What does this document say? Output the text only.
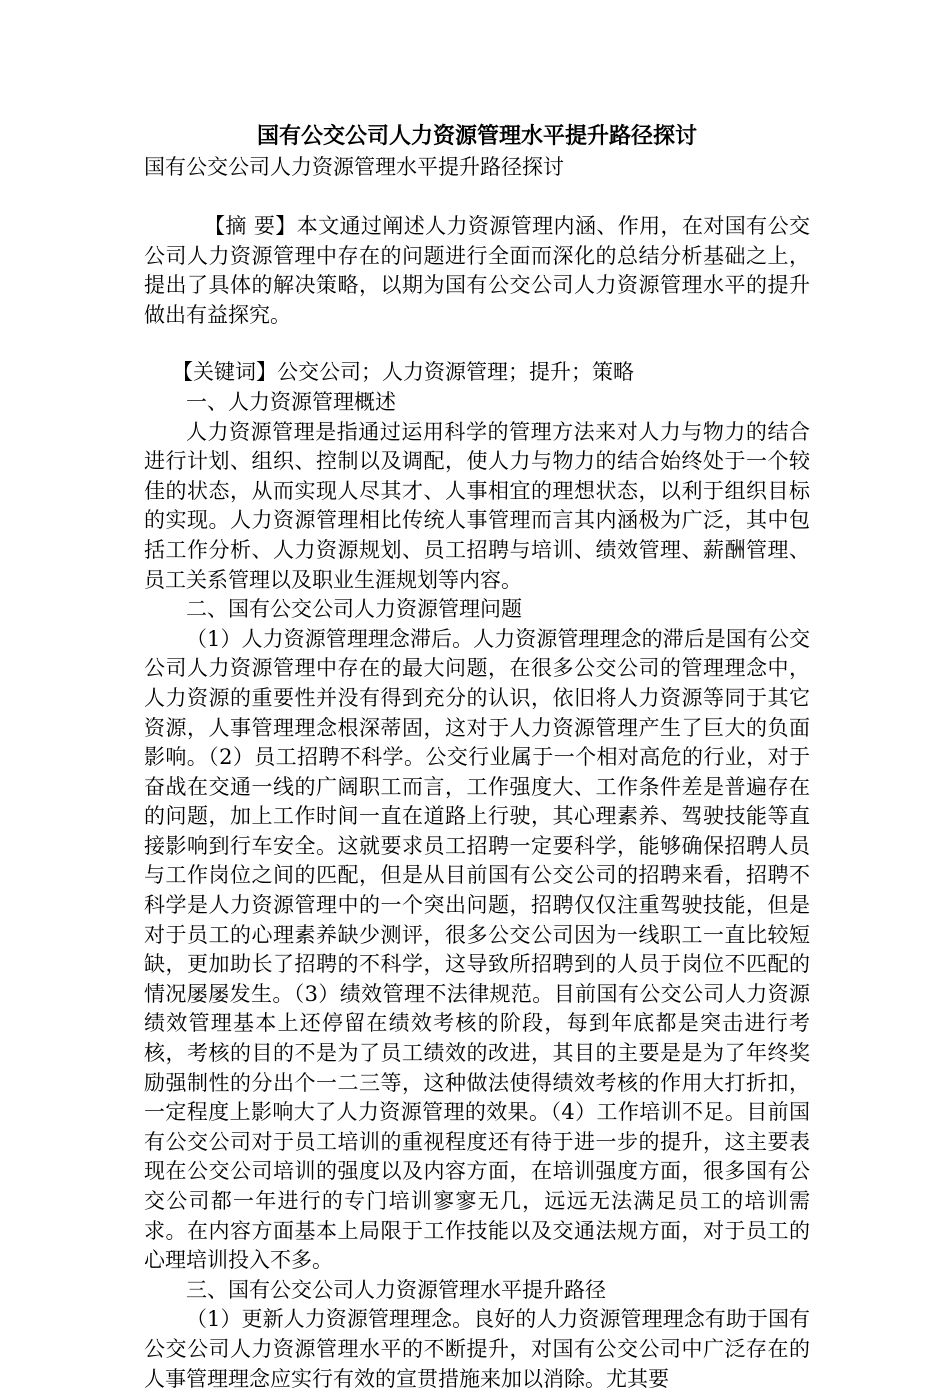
国有公交公司人力资源管理水平提升路径探讨
国有公交公司人力资源管理水平提升路径探讨

【摘 要】本文通过阐述人力资源管理内涵、作用，在对国有公交公司人力资源管理中存在的问题进行全面而深化的总结分析基础之上，提出了具体的解决策略，以期为国有公交公司人力资源管理水平的提升做出有益探究。

【关键词】公交公司；人力资源管理；提升；策略

一、人力资源管理概述

人力资源管理是指通过运用科学的管理方法来对人力与物力的结合进行计划、组织、控制以及调配，使人力与物力的结合始终处于一个较佳的状态，从而实现人尽其才、人事相宜的理想状态，以利于组织目标的实现。人力资源管理相比传统人事管理而言其内涵极为广泛，其中包括工作分析、人力资源规划、员工招聘与培训、绩效管理、薪酬管理、员工关系管理以及职业生涯规划等内容。

二、国有公交公司人力资源管理问题

（1）人力资源管理理念滞后。人力资源管理理念的滞后是国有公交公司人力资源管理中存在的最大问题，在很多公交公司的管理理念中，人力资源的重要性并没有得到充分的认识，依旧将人力资源等同于其它资源，人事管理理念根深蒂固，这对于人力资源管理产生了巨大的负面影响。（2）员工招聘不科学。公交行业属于一个相对高危的行业，对于奋战在交通一线的广阔职工而言，工作强度大、工作条件差是普遍存在的问题，加上工作时间一直在道路上行驶，其心理素养、驾驶技能等直接影响到行车安全。这就要求员工招聘一定要科学，能够确保招聘人员与工作岗位之间的匹配，但是从目前国有公交公司的招聘来看，招聘不科学是人力资源管理中的一个突出问题，招聘仅仅注重驾驶技能，但是对于员工的心理素养缺少测评，很多公交公司因为一线职工一直比较短缺，更加助长了招聘的不科学，这导致所招聘到的人员于岗位不匹配的情况屡屡发生。（3）绩效管理不法律规范。目前国有公交公司人力资源绩效管理基本上还停留在绩效考核的阶段，每到年底都是突击进行考核，考核的目的不是为了员工绩效的改进，其目的主要是是为了年终奖励强制性的分出个一二三等，这种做法使得绩效考核的作用大打折扣，一定程度上影响大了人力资源管理的效果。（4）工作培训不足。目前国有公交公司对于员工培训的重视程度还有待于进一步的提升，这主要表现在公交公司培训的强度以及内容方面，在培训强度方面，很多国有公交公司都一年进行的专门培训寥寥无几，远远无法满足员工的培训需求。在内容方面基本上局限于工作技能以及交通法规方面，对于员工的心理培训投入不多。

三、国有公交公司人力资源管理水平提升路径

（1）更新人力资源管理理念。良好的人力资源管理理念有助于国有公交公司人力资源管理水平的不断提升，对国有公交公司中广泛存在的人事管理理念应实行有效的宣贯措施来加以消除。尤其要
